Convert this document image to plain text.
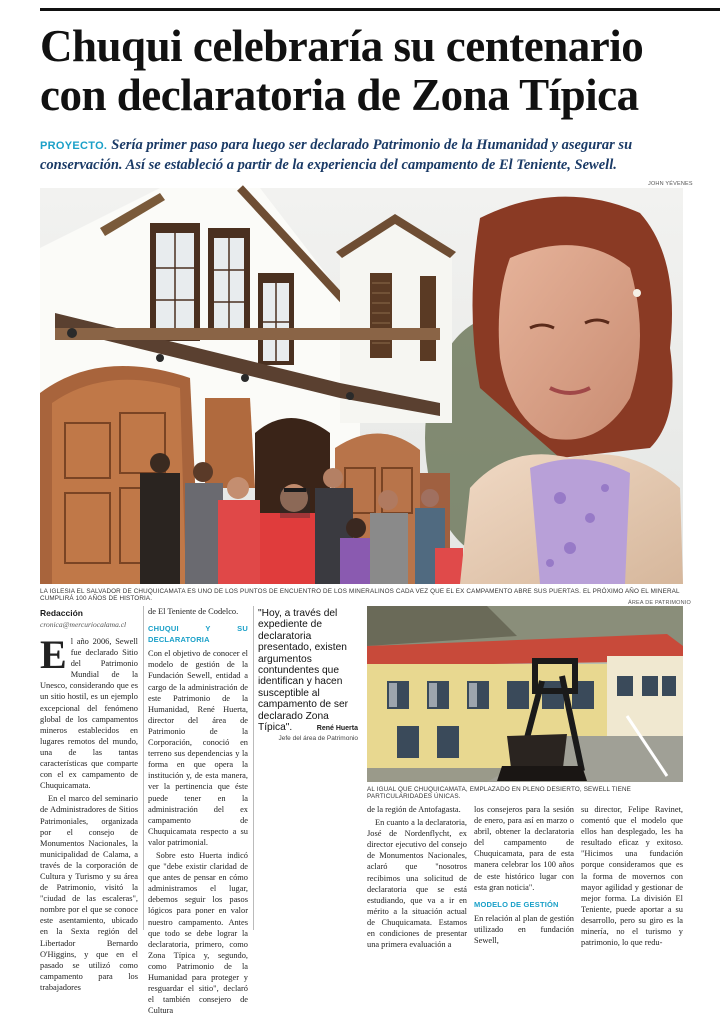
Chuqui celebraría su centenario con declaratoria de Zona Típica
PROYECTO. Sería primer paso para luego ser declarado Patrimonio de la Humanidad y asegurar su conservación. Así se estableció a partir de la experiencia del campamento de El Teniente, Sewell.
JOHN YÉVENES
LA IGLESIA EL SALVADOR DE CHUQUICAMATA ES UNO DE LOS PUNTOS DE ENCUENTRO DE LOS MINERALINOS CADA VEZ QUE EL EX CAMPAMENTO ABRE SUS PUERTAS. EL PRÓXIMO AÑO EL MINERAL CUMPLIRÁ 100 AÑOS DE HISTORIA.
ÁREA DE PATRIMONIO
AL IGUAL QUE CHUQUICAMATA, EMPLAZADO EN PLENO DESIERTO, SEWELL TIENE PARTICULARIDADES ÚNICAS.
Redacción
cronica@mercuriocalama.cl

El año 2006, Sewell fue declarado Sitio del Patrimonio Mundial de la Unesco, considerando que es un sitio hostil, es un ejemplo excepcional del fenómeno global de los campamentos mineros establecidos en lugares remotos del mundo, una de las tantas características que comparte con el ex campamento de Chuquicamata.

En el marco del seminario de Administradores de Sitios Patrimoniales, organizada por el consejo de Monumentos Nacionales, la municipalidad de Calama, a través de la corporación de Cultura y Turismo y su área de Patrimonio, visitó la "ciudad de las escaleras", nombre por el que se conoce este asentamiento, ubicado en la Sexta región del Libertador Bernardo O'Higgins, y que en el pasado se utilizó como campamento para los trabajadores

de El Teniente de Codelco.

CHUQUI Y SU DECLARATORIA

Con el objetivo de conocer el modelo de gestión de la Fundación Sewell, entidad a cargo de la administración de este Patrimonio de la Humanidad, René Huerta, director del área de Patrimonio de la Corporación, conoció en terreno sus dependencias y la forma en que opera la institución y, de esta manera, ver la pertinencia que éste puede tener en la administración del ex campamento de Chuquicamata respecto a su valor patrimonial.

Sobre esto Huerta indicó que "debe existir claridad de que antes de pensar en cómo administramos el lugar, debemos seguir los pasos lógicos para poner en valor nuestro campamento. Antes que todo se debe lograr la declaratoria, primero, como Zona Típica y, segundo, como Patrimonio de la Humanidad para proteger y resguardar el sitio", declaró el también consejero de Cultura

"Hoy, a través del expediente de declaratoria presentado, existen argumentos contundentes que identifican y hacen susceptible al campamento de ser declarado Zona Típica".	René Huerta
Jefe del área de Patrimonio

de la región de Antofagasta.

En cuanto a la declaratoria, José de Nordenflycht, ex director ejecutivo del consejo de Monumentos Nacionales, aclaró que "nosotros recibimos una solicitud de declaratoria que se está estudiando, que va a ir en mérito a la situación actual de Chuquicamata. Estamos en condiciones de presentar una primera evaluación a

los consejeros para la sesión de enero, para así en marzo o abril, obtener la declaratoria del campamento de Chuquicamata, para de esta manera celebrar los 100 años de este histórico lugar con esta gran noticia".

MODELO DE GESTIÓN

En relación al plan de gestión utilizado en fundación Sewell,

su director, Felipe Ravinet, comentó que el modelo que ellos han desplegado, les ha resultado eficaz y exitoso. "Hicimos una fundación porque consideramos que es la forma de movernos con mayor agilidad y gestionar de mejor forma. La división El Teniente, puede aportar a su desarrollo, pero su giro es la minería, no el turismo y patrimonio, lo que redu-
